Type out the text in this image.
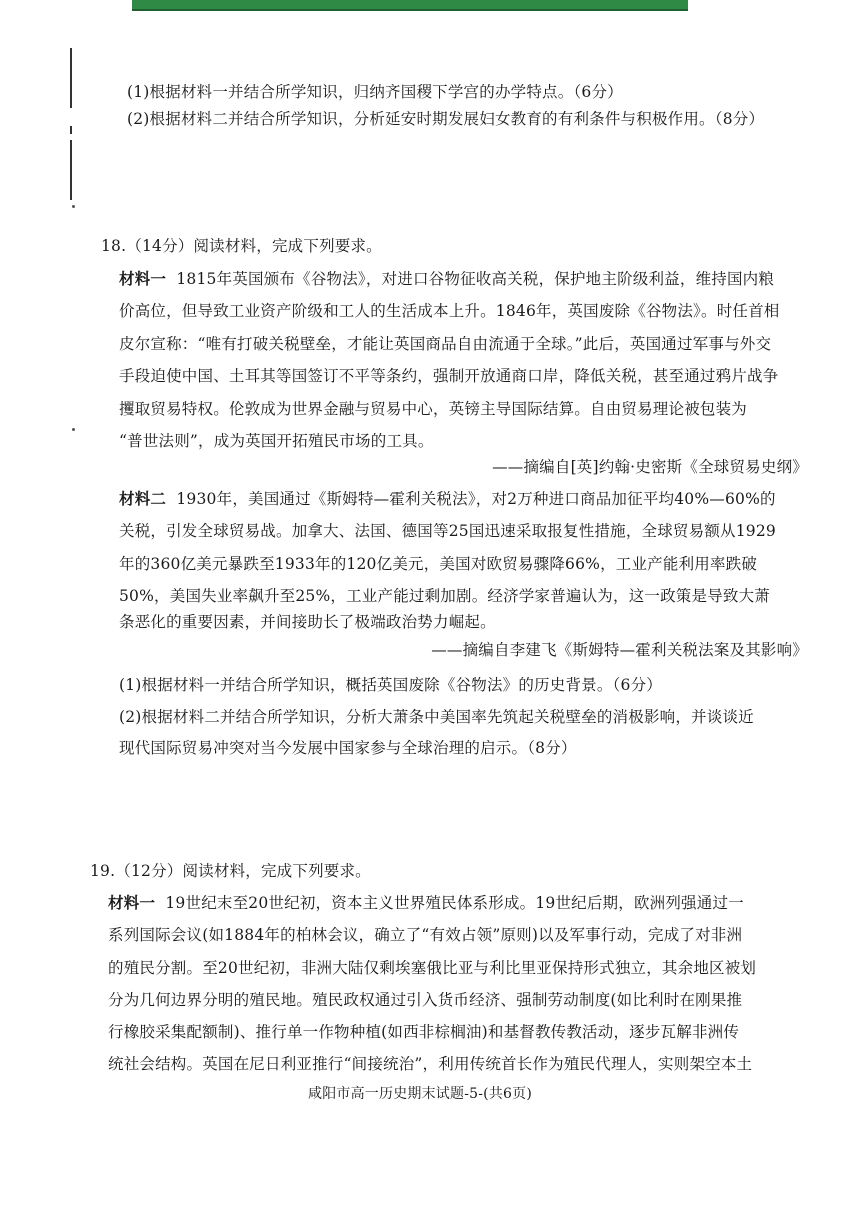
(1)根据材料一并结合所学知识，归纳齐国稷下学宫的办学特点。（6分）
(2)根据材料二并结合所学知识，分析延安时期发展妇女教育的有利条件与积极作用。（8分）
18.（14分）阅读材料，完成下列要求。
材料一 1815年英国颁布《谷物法》，对进口谷物征收高关税，保护地主阶级利益，维持国内粮
价高位，但导致工业资产阶级和工人的生活成本上升。1846年，英国废除《谷物法》。时任首相
皮尔宣称：“唯有打破关税壁垒，才能让英国商品自由流通于全球。”此后，英国通过军事与外交
手段迫使中国、土耳其等国签订不平等条约，强制开放通商口岸，降低关税，甚至通过鸦片战争
攫取贸易特权。伦敦成为世界金融与贸易中心，英镑主导国际结算。自由贸易理论被包装为
“普世法则”，成为英国开拓殖民市场的工具。
——摘编自[英]约翰·史密斯《全球贸易史纲》
材料二 1930年，美国通过《斯姆特—霍利关税法》，对2万种进口商品加征平均40%—60%的
关税，引发全球贸易战。加拿大、法国、德国等25国迅速采取报复性措施，全球贸易额从1929
年的360亿美元暴跌至1933年的120亿美元，美国对欧贸易骤降66%，工业产能利用率跌破
50%，美国失业率飙升至25%，工业产能过剩加剧。经济学家普遍认为，这一政策是导致大萧
条恶化的重要因素，并间接助长了极端政治势力崛起。
——摘编自李建飞《斯姆特—霍利关税法案及其影响》
(1)根据材料一并结合所学知识，概括英国废除《谷物法》的历史背景。（6分）
(2)根据材料二并结合所学知识，分析大萧条中美国率先筑起关税壁垒的消极影响，并谈谈近
现代国际贸易冲突对当今发展中国家参与全球治理的启示。（8分）
19.（12分）阅读材料，完成下列要求。
材料一 19世纪末至20世纪初，资本主义世界殖民体系形成。19世纪后期，欧洲列强通过一
系列国际会议(如1884年的柏林会议，确立了“有效占领”原则)以及军事行动，完成了对非洲
的殖民分割。至20世纪初，非洲大陆仅剩埃塞俄比亚与利比里亚保持形式独立，其余地区被划
分为几何边界分明的殖民地。殖民政权通过引入货币经济、强制劳动制度(如比利时在刚果推
行橡胶采集配额制)、推行单一作物种植(如西非棕榈油)和基督教传教活动，逐步瓦解非洲传
统社会结构。英国在尼日利亚推行“间接统治”，利用传统首长作为殖民代理人，实则架空本土
咸阳市高一历史期末试题-5-(共6页)
